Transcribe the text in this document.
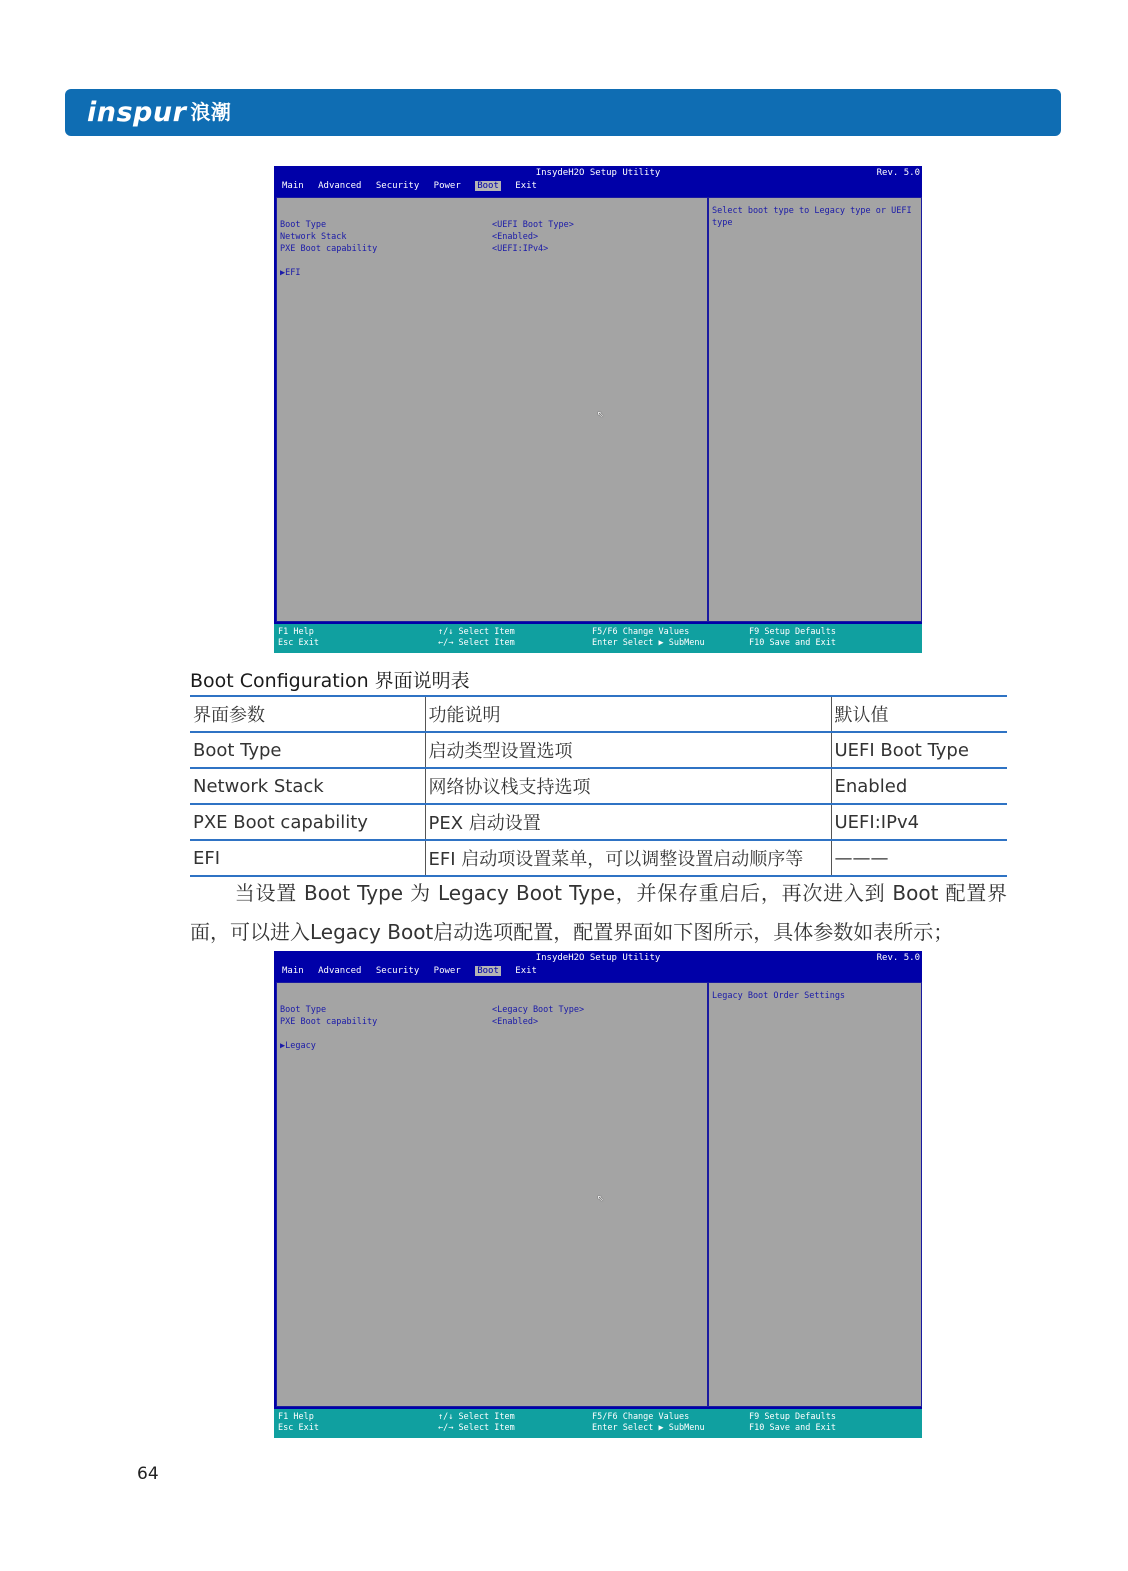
inspur 浪潮
InsydeH2O Setup Utility	Rev. 5.0
Main Advanced Security Power Boot Exit
Boot Type	<UEFI Boot Type>
Network Stack	<Enabled>
PXE Boot capability	<UEFI:IPv4>
▶EFI
⇖
Select boot type to Legacy type or UEFI type
F1 Help
Esc Exit
↑/↓ Select Item
←/→ Select Item
F5/F6 Change Values
Enter Select ▶ SubMenu
F9 Setup Defaults
F10 Save and Exit
Boot Configuration 界面说明表
界面参数	功能说明	默认值
Boot Type	启动类型设置选项	UEFI Boot Type
Network Stack	网络协议栈支持选项	Enabled
PXE Boot capability	PEX 启动设置	UEFI:IPv4
EFI	EFI 启动项设置菜单，可以调整设置启动顺序等	———
当设置 Boot Type 为 Legacy Boot Type，并保存重启后，再次进入到 Boot 配置界面，可以进入Legacy Boot启动选项配置，配置界面如下图所示，具体参数如表所示；
InsydeH2O Setup Utility	Rev. 5.0
Main Advanced Security Power Boot Exit
Boot Type	<Legacy Boot Type>
PXE Boot capability	<Enabled>
▶Legacy
⇖
Legacy Boot Order Settings
F1 Help
Esc Exit
↑/↓ Select Item
←/→ Select Item
F5/F6 Change Values
Enter Select ▶ SubMenu
F9 Setup Defaults
F10 Save and Exit
64
